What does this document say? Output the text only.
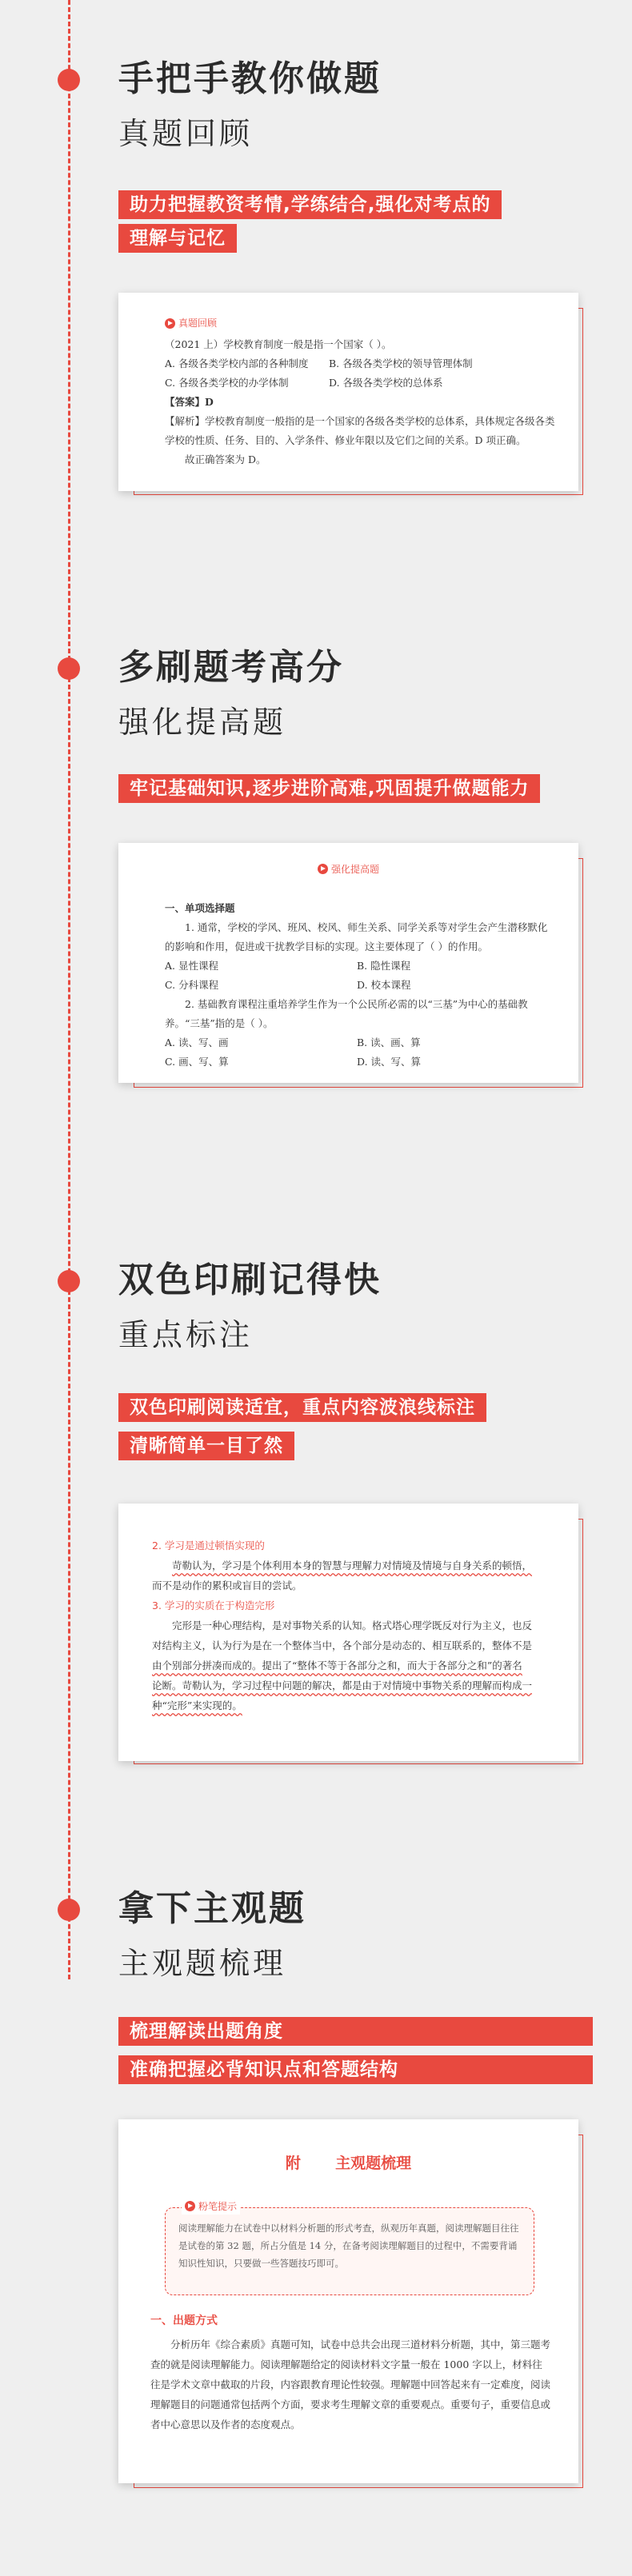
手把手教你做题
真题回顾
助力把握教资考情,学练结合,强化对考点的
理解与记忆
真题回顾

（2021 上）学校教育制度一般是指一个国家（ ）。

A. 各级各类学校内部的各种制度	B. 各级各类学校的领导管理体制
C. 各级各类学校的办学体制	D. 各级各类学校的总体系

【答案】D

【解析】学校教育制度一般指的是一个国家的各级各类学校的总体系，具体规定各级各类学校的性质、任务、目的、入学条件、修业年限以及它们之间的关系。D 项正确。

故正确答案为 D。

多刷题考高分
强化提高题
牢记基础知识,逐步进阶高难,巩固提升做题能力
强化提高题

一、单项选择题

1. 通常，学校的学风、班风、校风、师生关系、同学关系等对学生会产生潜移默化的影响和作用，促进或干扰教学目标的实现。这主要体现了（ ）的作用。

A. 显性课程	B. 隐性课程
C. 分科课程	D. 校本课程

2. 基础教育课程注重培养学生作为一个公民所必需的以“三基”为中心的基础教养。“三基”指的是（ ）。

A. 读、写、画	B. 读、画、算
C. 画、写、算	D. 读、写、算
双色印刷记得快
重点标注
双色印刷阅读适宜，重点内容波浪线标注
清晰简单一目了然

2. 学习是通过顿悟实现的

苛勒认为，学习是个体利用本身的智慧与理解力对情境及情境与自身关系的顿悟，

而不是动作的累积或盲目的尝试。

3. 学习的实质在于构造完形

完形是一种心理结构，是对事物关系的认知。格式塔心理学既反对行为主义，也反

对结构主义，认为行为是在一个整体当中，各个部分是动态的、相互联系的，整体不是

由个别部分拼凑而成的。提出了“整体不等于各部分之和，而大于各部分之和”的著名

论断。苛勒认为，学习过程中问题的解决，都是由于对情境中事物关系的理解而构成一

种“完形”来实现的。

拿下主观题
主观题梳理
梳理解读出题角度
准确把握必背知识点和答题结构
附 主观题梳理
粉笔提示

阅读理解能力在试卷中以材料分析题的形式考查，纵观历年真题，阅读理解题目往往是试卷的第 32 题，所占分值是 14 分，在备考阅读理解题目的过程中，不需要背诵知识性知识，只要做一些答题技巧即可。

一、出题方式

分析历年《综合素质》真题可知，试卷中总共会出现三道材料分析题，其中，第三题考查的就是阅读理解能力。阅读理解题给定的阅读材料文字量一般在 1000 字以上，材料往往是学术文章中截取的片段，内容跟教育理论性较强。理解题中回答起来有一定难度，阅读理解题目的问题通常包括两个方面，要求考生理解文章的重要观点。重要句子，重要信息或者中心意思以及作者的态度观点。
